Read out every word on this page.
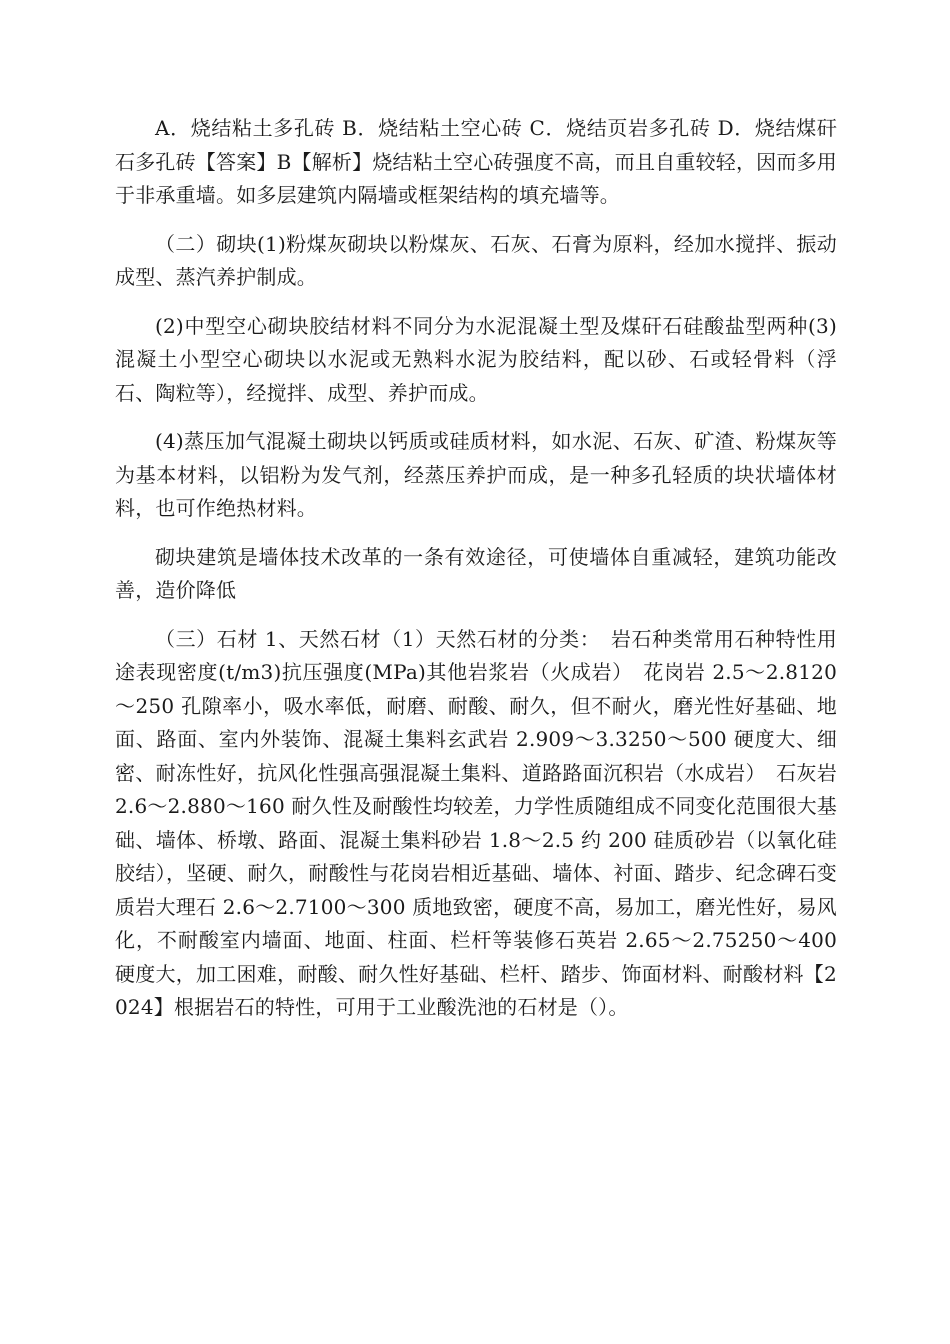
A．烧结粘土多孔砖 B．烧结粘土空心砖 C．烧结页岩多孔砖 D．烧结煤矸石多孔砖【答案】B【解析】烧结粘土空心砖强度不高，而且自重较轻，因而多用于非承重墙。如多层建筑内隔墙或框架结构的填充墙等。

（二）砌块(1)粉煤灰砌块以粉煤灰、石灰、石膏为原料，经加水搅拌、振动成型、蒸汽养护制成。

(2)中型空心砌块胶结材料不同分为水泥混凝土型及煤矸石硅酸盐型两种(3)混凝土小型空心砌块以水泥或无熟料水泥为胶结料，配以砂、石或轻骨料（浮石、陶粒等），经搅拌、成型、养护而成。

(4)蒸压加气混凝土砌块以钙质或硅质材料，如水泥、石灰、矿渣、粉煤灰等为基本材料，以铝粉为发气剂，经蒸压养护而成，是一种多孔轻质的块状墙体材料，也可作绝热材料。

砌块建筑是墙体技术改革的一条有效途径，可使墙体自重减轻，建筑功能改善，造价降低

（三）石材 1、天然石材（1）天然石材的分类：　岩石种类常用石种特性用途表现密度(t/m3)抗压强度(MPa)其他岩浆岩（火成岩）　花岗岩 2.5～2.8120～250 孔隙率小，吸水率低，耐磨、耐酸、耐久，但不耐火，磨光性好基础、地面、路面、室内外装饰、混凝土集料玄武岩 2.909～3.3250～500 硬度大、细密、耐冻性好，抗风化性强高强混凝土集料、道路路面沉积岩（水成岩）　石灰岩 2.6～2.880～160 耐久性及耐酸性均较差，力学性质随组成不同变化范围很大基础、墙体、桥墩、路面、混凝土集料砂岩 1.8～2.5 约 200 硅质砂岩（以氧化硅胶结），坚硬、耐久，耐酸性与花岗岩相近基础、墙体、衬面、踏步、纪念碑石变质岩大理石 2.6～2.7100～300 质地致密，硬度不高，易加工，磨光性好，易风化，不耐酸室内墙面、地面、柱面、栏杆等装修石英岩 2.65～2.75250～400 硬度大，加工困难，耐酸、耐久性好基础、栏杆、踏步、饰面材料、耐酸材料【2024】根据岩石的特性，可用于工业酸洗池的石材是（）。
